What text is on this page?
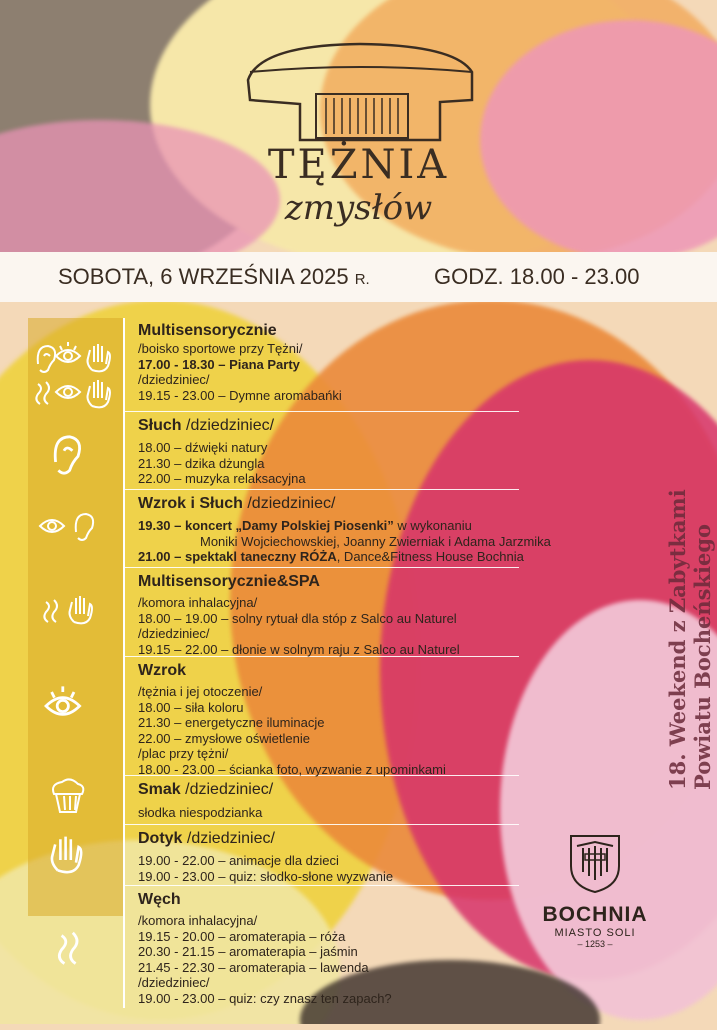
TĘŻNIA
zmysłów
SOBOTA, 6 WRZEŚNIA 2025 R.	GODZ. 18.00 - 23.00
Multisensorycznie
/boisko sportowe przy Tężni/
17.00 - 18.30 – Piana Party
/dziedziniec/
19.15 - 23.00 – Dymne aromabańki
Słuch /dziedziniec/
18.00 – dźwięki natury
21.30 – dzika dżungla
22.00 – muzyka relaksacyjna
Wzrok i Słuch /dziedziniec/
19.30 – koncert „Damy Polskiej Piosenki” w wykonaniu
Moniki Wojciechowskiej, Joanny Zwierniak i Adama Jarzmika
21.00 – spektakl taneczny RÓŻA, Dance&Fitness House Bochnia
Multisensorycznie&SPA
/komora inhalacyjna/
18.00 – 19.00 – solny rytuał dla stóp z Salco au Naturel
/dziedziniec/
19.15 – 22.00 – dłonie w solnym raju z Salco au Naturel
Wzrok
/tężnia i jej otoczenie/
18.00 – siła koloru
21.30 – energetyczne iluminacje
22.00 – zmysłowe oświetlenie
/plac przy tężni/
18.00 - 23.00 – ścianka foto, wyzwanie z upominkami
Smak /dziedziniec/
słodka niespodzianka
Dotyk /dziedziniec/
19.00 - 22.00 – animacje dla dzieci
19.00 - 23.00 – quiz: słodko-słone wyzwanie
Węch
/komora inhalacyjna/
19.15 - 20.00 – aromaterapia – róża
20.30 - 21.15 – aromaterapia – jaśmin
21.45 - 22.30 – aromaterapia – lawenda
/dziedziniec/
19.00 - 23.00 – quiz: czy znasz ten zapach?
18. Weekend z Zabytkami Powiatu Bocheńskiego
BOCHNIA
MIASTO SOLI
– 1253 –
